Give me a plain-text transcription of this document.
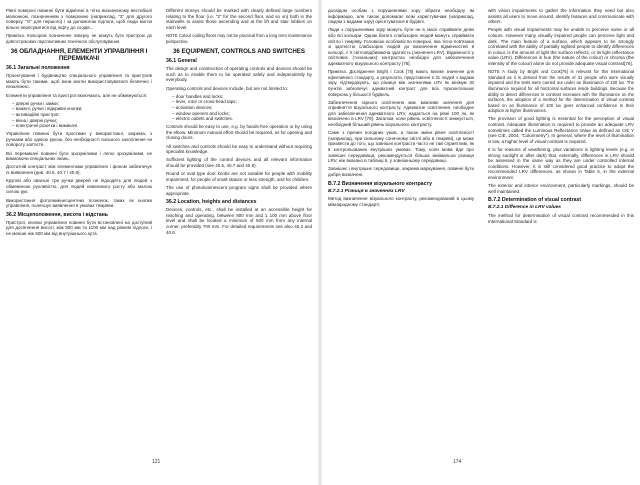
Рівні поверхні повинні бути відмічені в чітко визначеному вестибюлі малюнком, позначенням з поверхнею (наприклад, "2" для другого поверху, "G" для першого) і за допомогою підлоги, щоб люди могли вільно пересуватися від ліфту до сходів...

Примітка. Кольорові позначення поверху не можуть бути пристрою до довгострокових перспективних технічного обслуговування.

36 ОБЛАДНАННЯ, ЕЛЕМЕНТИ УПРАВЛІННЯ І ПЕРЕМИКАЧІ
36.1 Загальні положення

Проектування і будівництво спеціального управління та пристроїв мають бути такими, щоб вони могли використовуватися безпечно і незалежно.

Елементи управління та пристрої включають, але не обмежуються:

– дверні ручки і замки;
– важелі, ручки і відкривні кнопки;
– активаційні пристрої;
– вікна і дверні ручки;
– електричні розетки і вимикачі.

Управління повинні бути простими у використанні, зокрема, з ручками або однією рукою, без необхідності сильного захоплення чи повороту зап'ястя.

Всі перемикачі повинні бути зрозумілими і легко зрозумілими, не вимагаючи спеціальних знань.

Достатній контраст між елементами управління і фоном забезпечує їх виявлення (див. 40.6, 40.7 і 40.8).

Кругові або овальні три ручки дверей не підходять для людей з обмеженою рухливістю, для людей невеликого росту або малою силою рук.

Використання фотолюмінесцентних позначок, таких як кнопки управління, полегшує виявлення в умовах темряви.

36.2 Місцеположення, висота і відстань

Пристрої, кнопки управління повинні бути встановлені на доступній для досягнення висоті, між 800 мм та 1100 мм над рівнем підлоги, і не менше ніж 500 мм від внутрішнього кута.

Different storeys should be marked with clearly defined large numbers relating to the floor (i.e. "2" for the second floor, and so on) both in the stairwells to assist those ascending and at the lift and stair lobbies on each level.

NOTE Colour coding floors may not be practical from a long term maintenance perspective.

36 EQUIPMENT, CONTROLS AND SWITCHES
36.1 General

The design and construction of operating controls and devices should be such as to enable them to be operated safely and independently by everybody.

Operating controls and devices include, but are not limited to:

– door handles and locks;
– lever, rotor or cross-head taps;
– activation devices;
– window openers and locks;
– electric outlets and switches.

Controls should be easy to use, e.g. by hands-free operation or by using the elbow. Minimum manual effort should be required, as for opening and closing doors.

All switches and controls should be easy to understand without requiring specialist knowledge.

Sufficient lighting of the control devices and all relevant information should be provided (see 40.6, 40.7 and 40.8).

Round or oval type door knobs are not suitable for people with mobility impairment, for people of small stature or less strength, and for children.

The use of photoluminescent program signs shall be provided where appropriate.

36.2 Location, heights and distances

Devices, controls, etc., shall be installed at an accessible height for reaching and operating, between 800 mm and 1 100 mm above floor level and shall be located a minimum of 500 mm from any internal corner, preferably 700 mm. For detailed requirements see also 40.3 and 40.6.

121

досвідом особам з порушеннями зору зібрати необхідну їм інформацію, але також допомагає всім користувачам (наприклад, людям з вадами зору) орієнтуватися в будівлі.

Люди з порушеннями зору можуть бути не в змозі сприймати деякі або всі кольори. Однак багато слабозорих людей можуть сприймати світло і темряву. Головною особливістю поверхні, яка тісно пов'язана зі здатністю слабозорих людей до визначення відмінностей в кольорі, є її світловідбиваюча здатність (значення LRV). Відмінності у світлових (тональних) контрастах необхідні для забезпечення адекватного візуального контрасту [76].

Примітка. Дослідження Bright і Cook [76] мають велике значення для ефективного стандарту, а результати, представлені в 31 людей з вадами зору, підтверджують, що різниця між значеннями LRV як мінімум 30 пунктів забезпечує адекватний контраст для всіх горизонтальних поверхонь у більшості будівель.

Забезпечення гарного освітлення має важливе значення для сприйняття візуального контрасту. Адекватне освітлення, необхідне для забезпечення адекватного LRV, надається на рівні 100 лк, як визначено в LRV [79]. Загалом, коли рівень освітленості знижується, необхідний більший рівень візуального контрасту.

Саме з причин погодних умов, а також зміни рівня освітленості (наприклад, при сильному сонячному світлі або в темряві), це може призвести до того, що зовнішні контрасти часто не такі сприятливі, як в контрольованих внутрішніх умовах. Тому, коли мова йде про зовнішні середовища, рекомендується більша мінімальна різниця LRV, ніж вказано в таблиці 5, у зовнішньому середовищі.

Зовнішнє і внутрішнє середовище, зокрема маркування, повинні бути добре визначені.

B.7.2 Визначення візуального контрасту
B.7.2.1 Різниця в значеннях LRV

Метод визначення візуального контрасту, рекомендований в цьому міжнародному стандарті,

with vision impairments to gather the information they need but also assists all users to move around, identify features and communicate with others.

People with visual impairments may be unable to perceive some or all colours. However many visually impaired people can perceive light and dark. The main feature of a surface, which appears to be strongly correlated with the ability of partially sighted people to identify differences in colour, is the amount of light the surface reflects, or its light reflectance value (LRV). Differences in hue (the nature of the colour) or chroma (the intensity of the colour) alone do not provide adequate visual contrast[76].

NOTE A study by Bright and Cook[76] is relevant for this International Standard as it is derived from the results of 31 people who were visually impaired and the tests were carried out under an illuminance of 100 lux. The illuminance required for all horizontal surfaces inside buildings. Because the ability to detect differences in contrast increases with the illuminance on the surfaces, the adoption of a method for the determination of visual contrast based on an illuminance of 100 lux gives enhanced confidence to their adoption at higher illuminances.

The provision of good lighting is essential for the perception of visual contrast. Adequate illumination is required to provide an adequate LRV sometimes called the Luminous Reflectance Value as defined as CIE Y (see CIE, 2004, "Colorimetry"). In general, where the level of illumination is low, a higher level of visual contrast is required.

It is for reasons of weathering, plus variations in lighting levels (e.g. in strong sunlight or after dark) that, externally, differences in LRV should be assessed in the same way as they are under controlled internal conditions. However, it is still considered good practice to adopt the recommended LRV differences, as shown in Table 5, in the external environment.

The exterior and interior environment, particularly markings, should be well maintained.

B.7.2 Determination of visual contrast
B.7.2.1 Difference in LRV values

The method for determination of visual contrast recommended in this International Standard is

174
